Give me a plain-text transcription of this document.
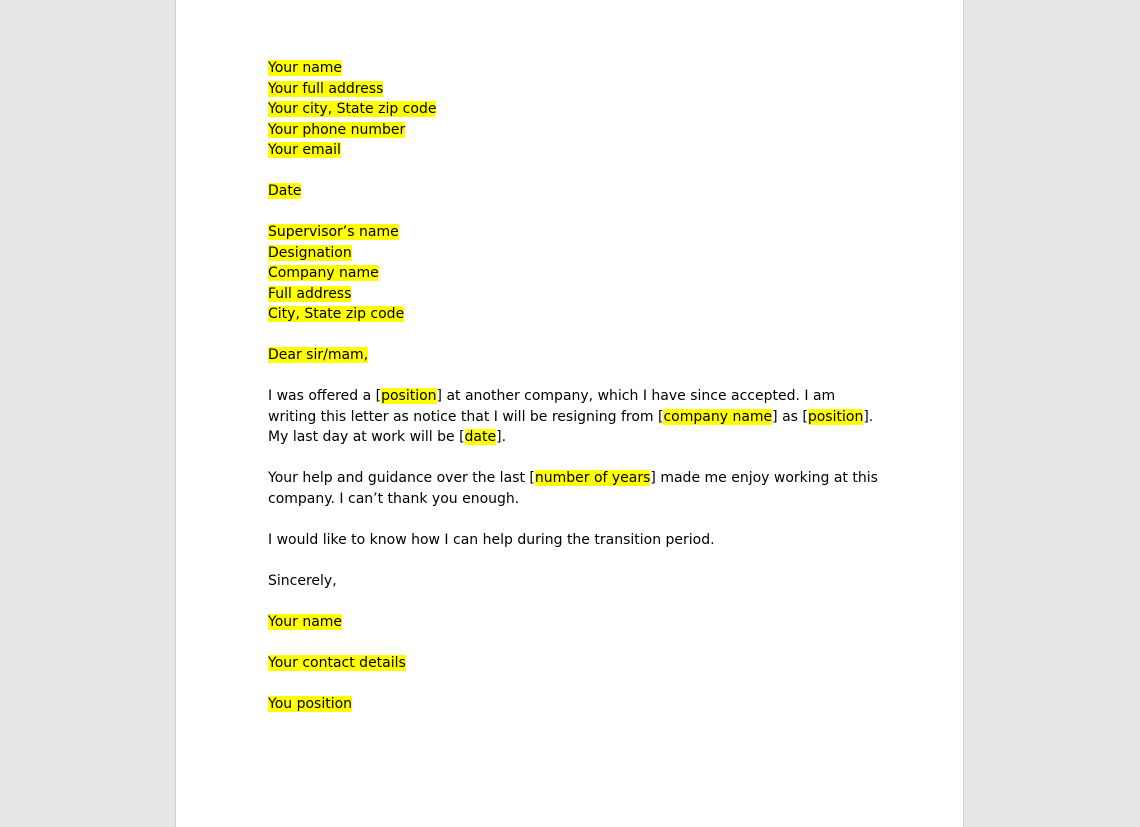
Your name
Your full address
Your city, State zip code
Your phone number
Your email
Date
Supervisor’s name
Designation
Company name
Full address
City, State zip code
Dear sir/mam,

I was offered a [position] at another company, which I have since accepted. I am writing this letter as notice that I will be resigning from [company name] as [position]. My last day at work will be [date].

Your help and guidance over the last [number of years] made me enjoy working at this company. I can’t thank you enough.

I would like to know how I can help during the transition period.

Sincerely,
Your name
Your contact details
You position
